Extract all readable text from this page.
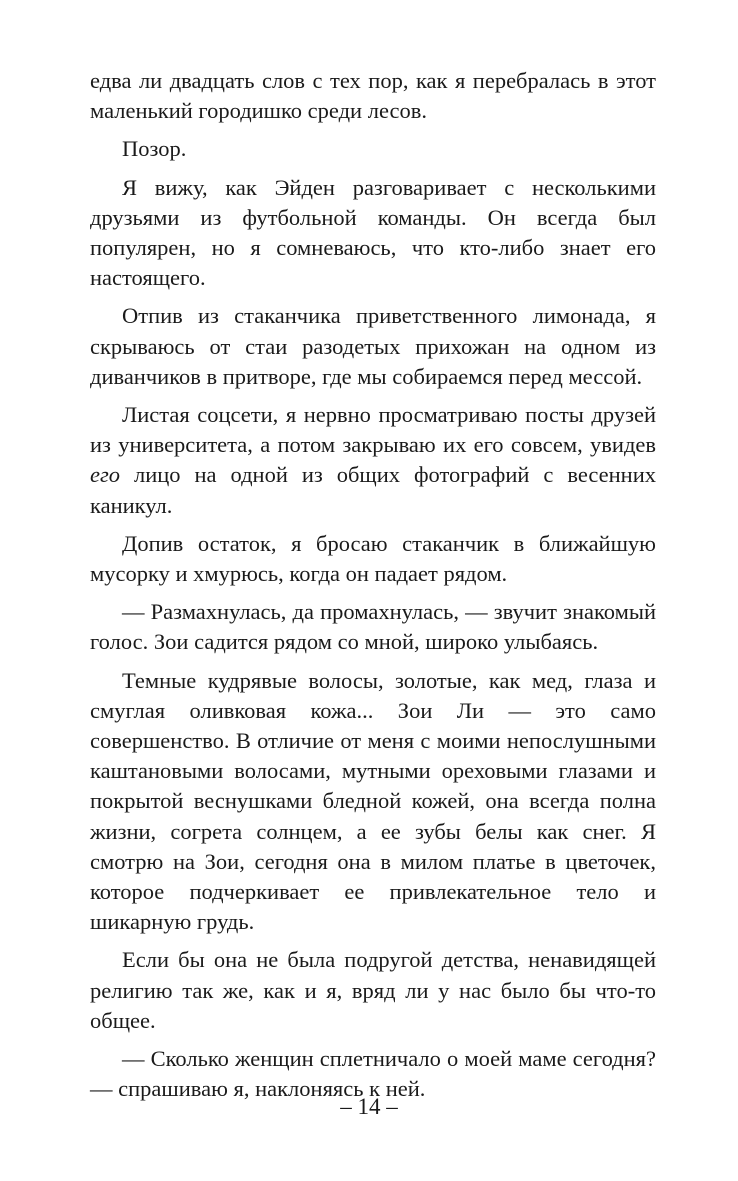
едва ли двадцать слов с тех пор, как я перебралась в этот маленький городишко среди лесов.

Позор.

Я вижу, как Эйден разговаривает с несколькими друзьями из футбольной команды. Он всегда был популярен, но я сомневаюсь, что кто-либо знает его настоящего.

Отпив из стаканчика приветственного лимонада, я скрываюсь от стаи разодетых прихожан на одном из диванчиков в притворе, где мы собираемся перед мессой.

Листая соцсети, я нервно просматриваю посты друзей из университета, а потом закрываю их его совсем, увидев его лицо на одной из общих фотографий с весенних каникул.

Допив остаток, я бросаю стаканчик в ближайшую мусорку и хмурюсь, когда он падает рядом.

— Размахнулась, да промахнулась, — звучит знакомый голос. Зои садится рядом со мной, широко улыбаясь.

Темные кудрявые волосы, золотые, как мед, глаза и смуглая оливковая кожа... Зои Ли — это само совершенство. В отличие от меня с моими непослушными каштановыми волосами, мутными ореховыми глазами и покрытой веснушками бледной кожей, она всегда полна жизни, согрета солнцем, а ее зубы белы как снег. Я смотрю на Зои, сегодня она в милом платье в цветочек, которое подчеркивает ее привлекательное тело и шикарную грудь.

Если бы она не была подругой детства, ненавидящей религию так же, как и я, вряд ли у нас было бы что-то общее.

— Сколько женщин сплетничало о моей маме сегодня? — спрашиваю я, наклоняясь к ней.

– 14 –
